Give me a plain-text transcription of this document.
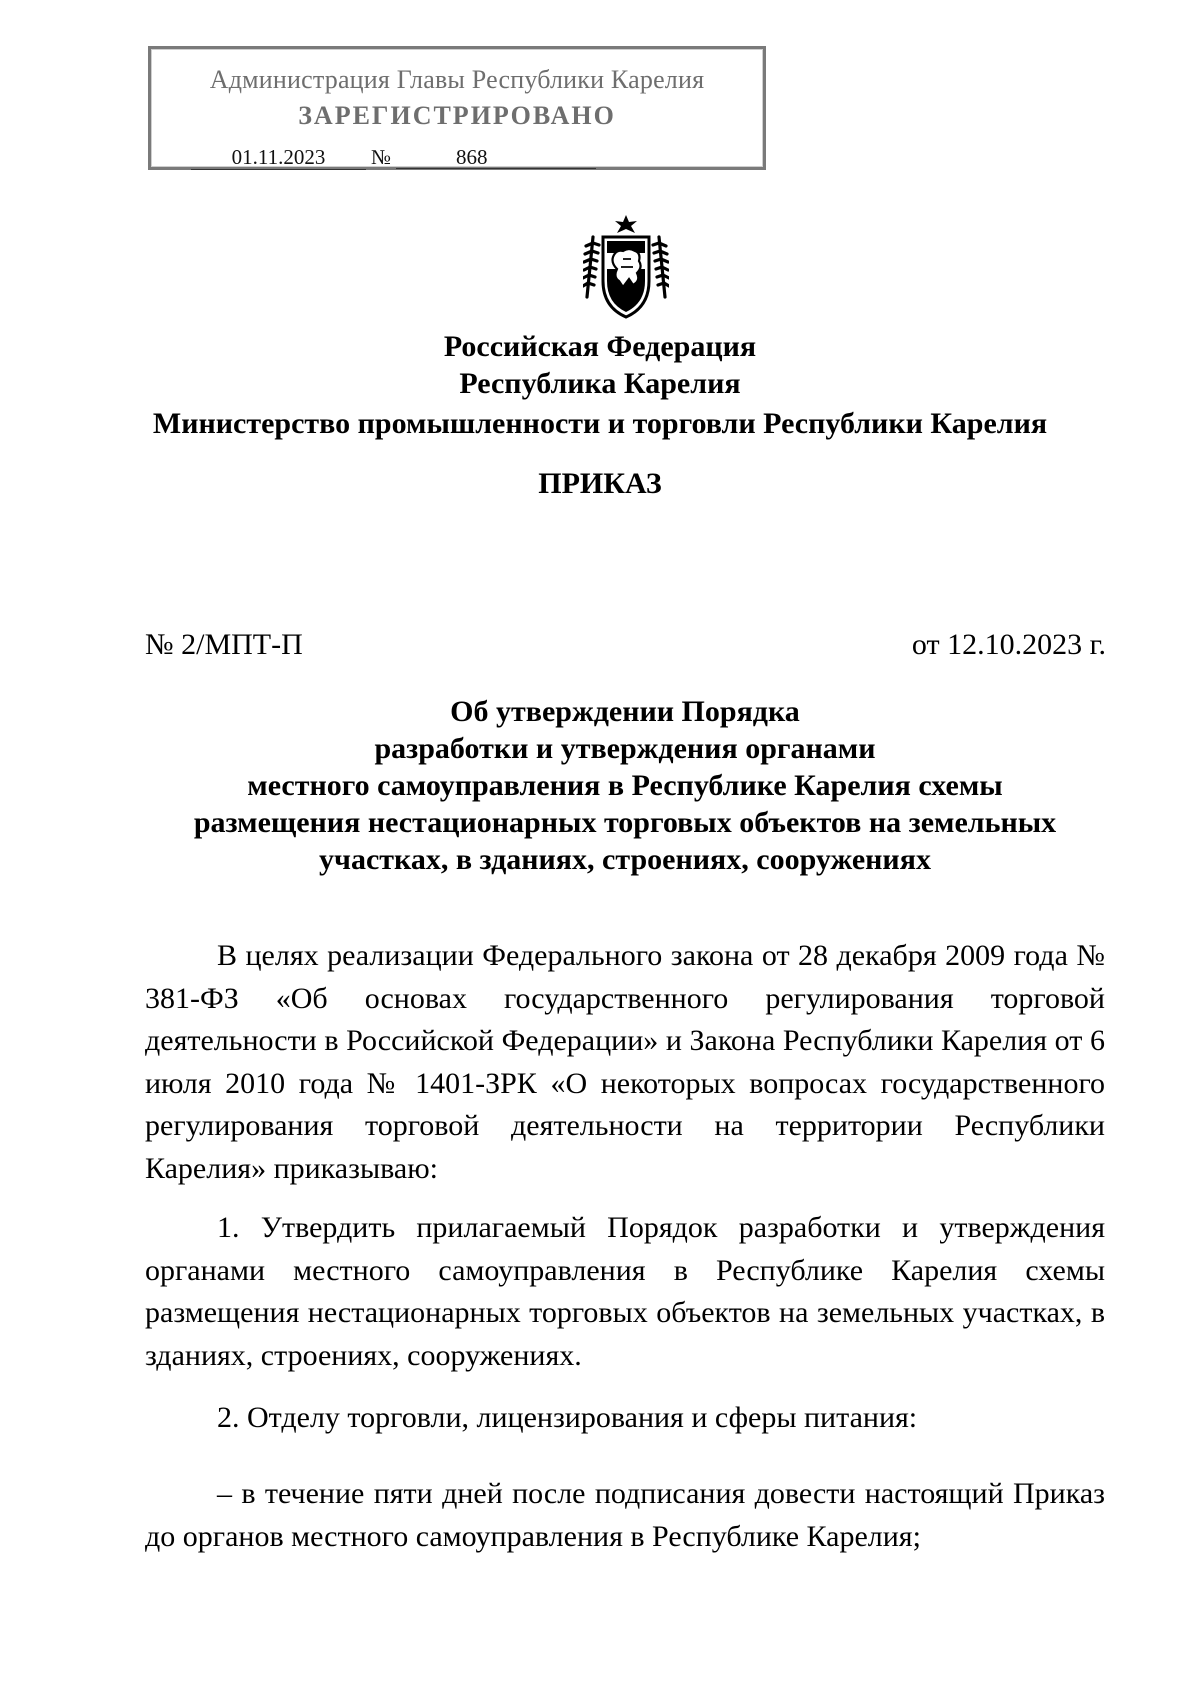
Администрация Главы Республики Карелия
ЗАРЕГИСТРИРОВАНО
01.11.2023	№	868
Российская Федерация
Республика Карелия
Министерство промышленности и торговли Республики Карелия
ПРИКАЗ
№ 2/МПТ-П	от 12.10.2023 г.
Об утверждении Порядка
разработки и утверждения органами
местного самоуправления в Республике Карелия схемы
размещения нестационарных торговых объектов на земельных
участках, в зданиях, строениях, сооружениях
В целях реализации Федерального закона от 28 декабря 2009 года № 381-ФЗ «Об основах государственного регулирования торговой деятельности в Российской Федерации» и Закона Республики Карелия от 6 июля 2010 года № 1401-ЗРК «О некоторых вопросах государственного регулирования торговой деятельности на территории Республики Карелия» приказываю:
1. Утвердить прилагаемый Порядок разработки и утверждения органами местного самоуправления в Республике Карелия схемы размещения нестационарных торговых объектов на земельных участках, в зданиях, строениях, сооружениях.
2. Отделу торговли, лицензирования и сферы питания:
– в течение пяти дней после подписания довести настоящий Приказ до органов местного самоуправления в Республике Карелия;
